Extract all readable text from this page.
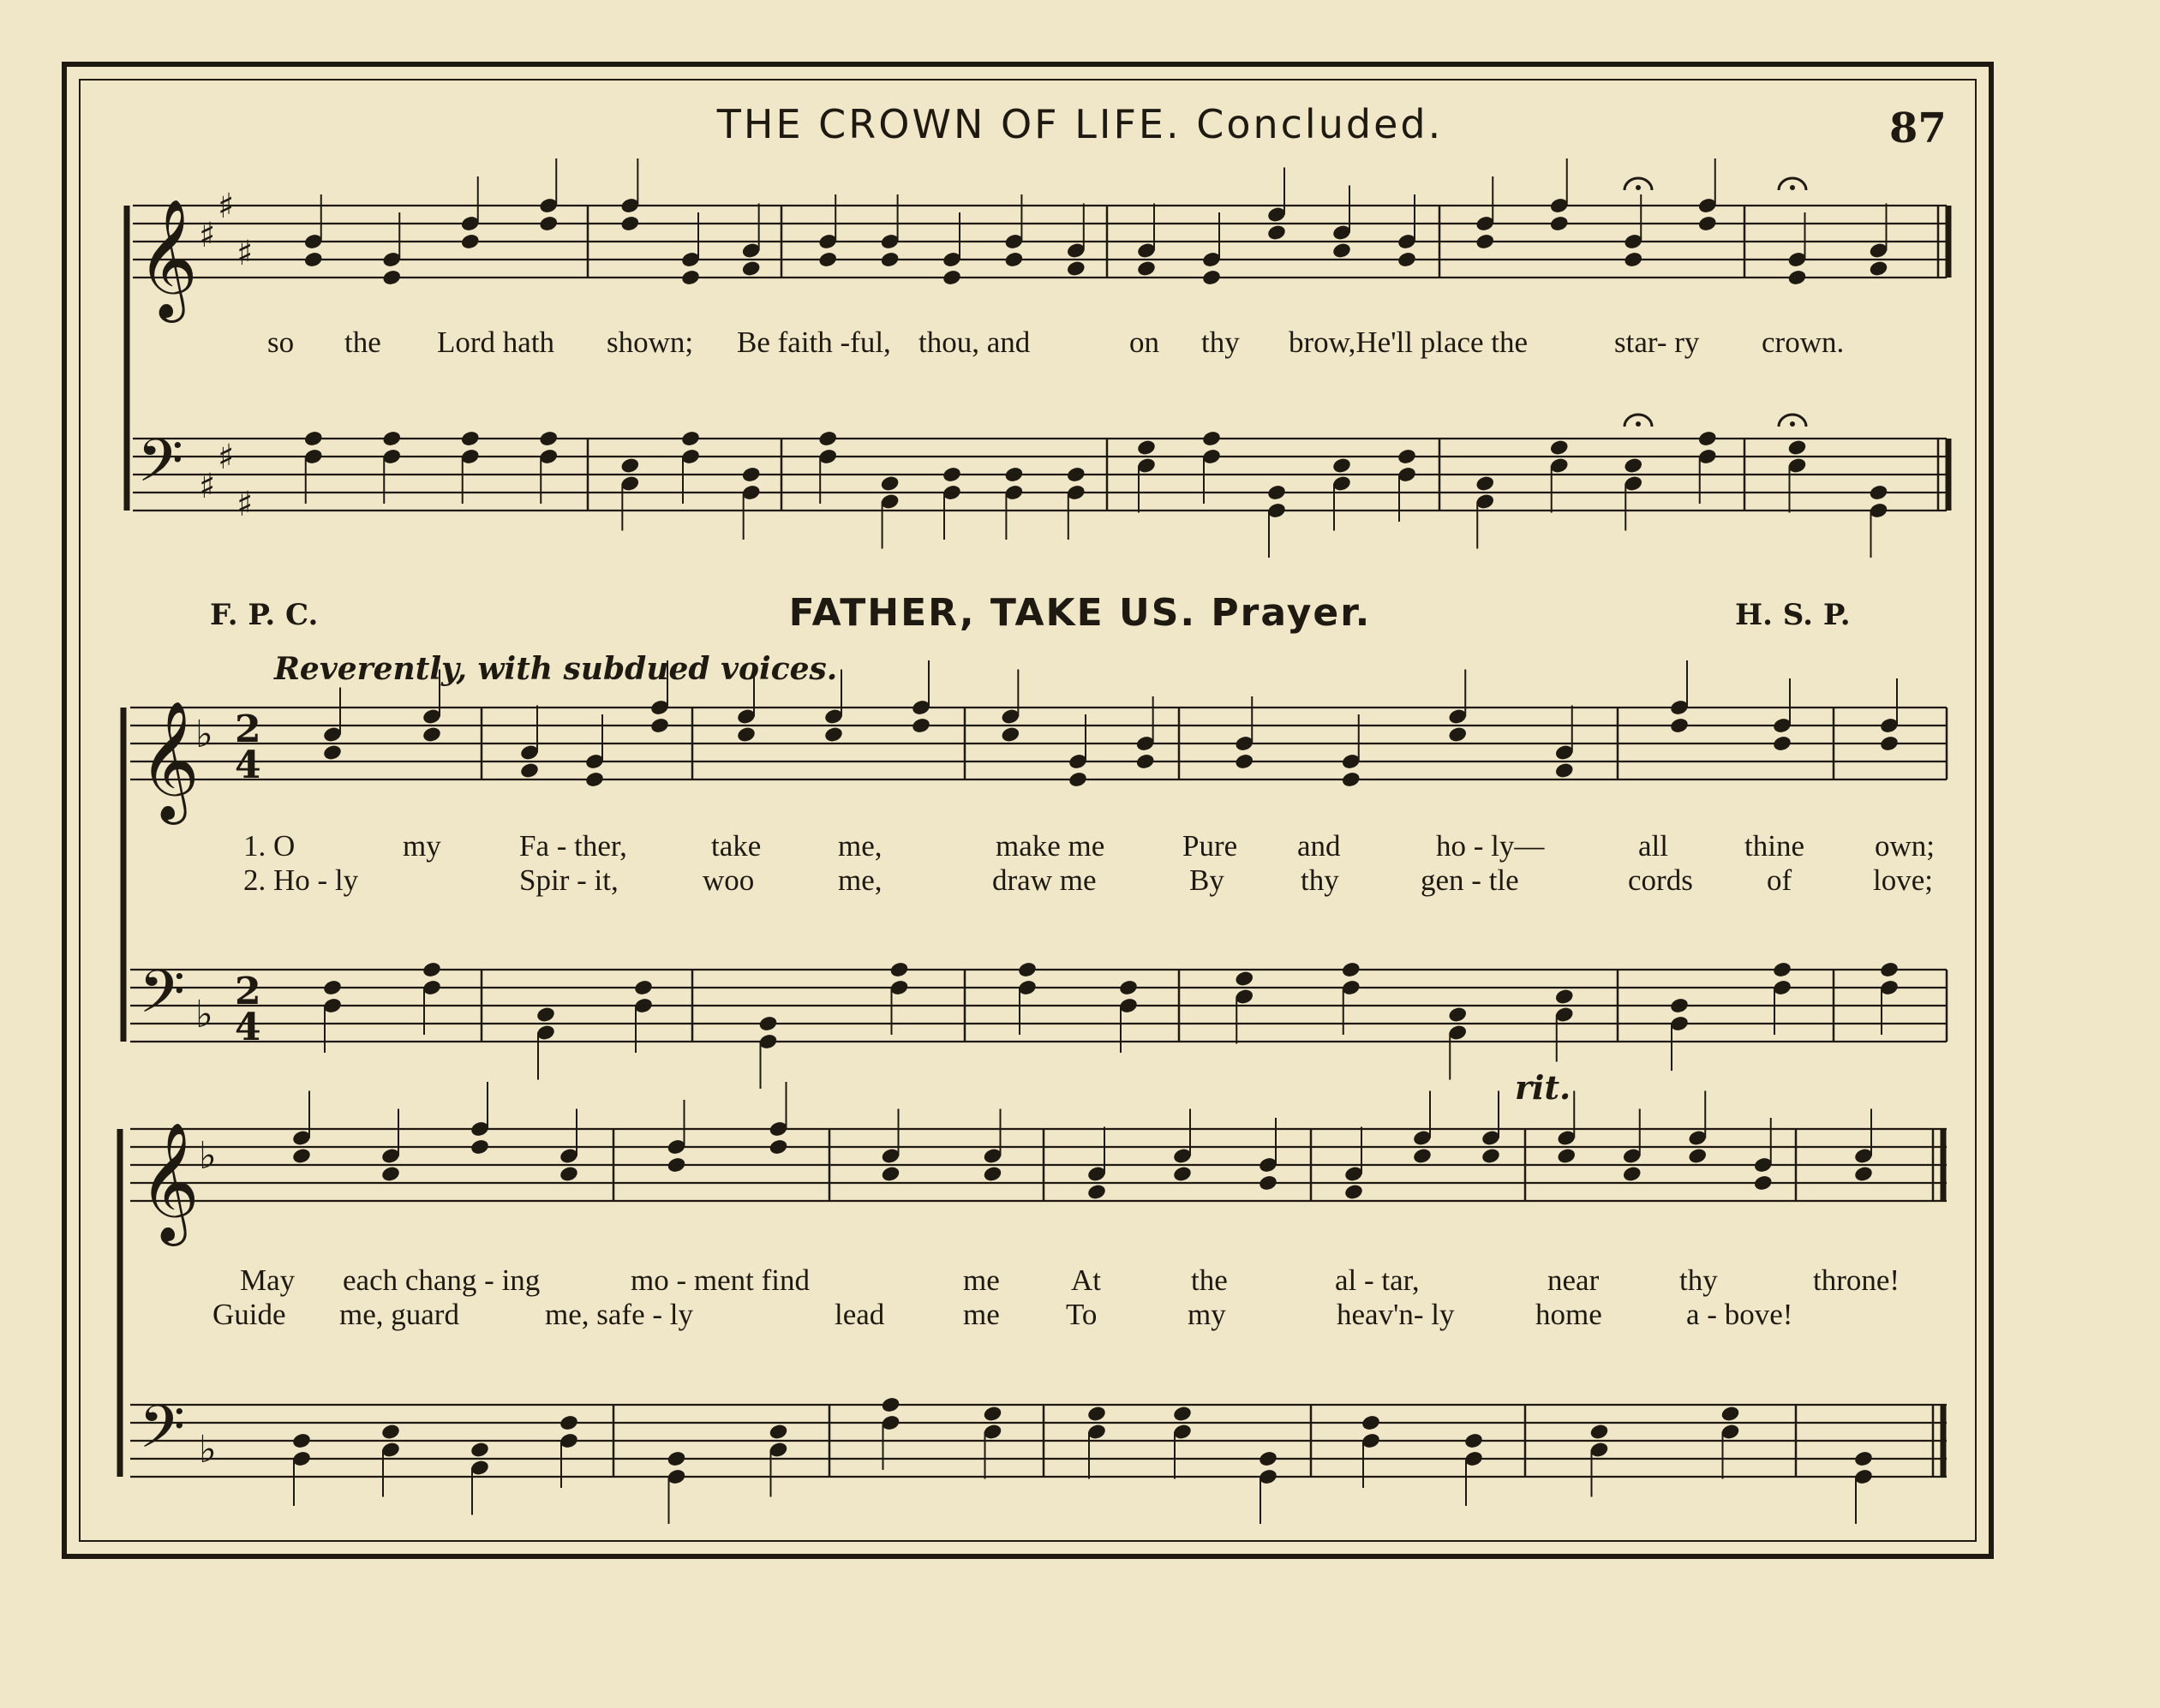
THE CROWN OF LIFE. Concluded.	87
F. P. C.	FATHER, TAKE US. Prayer.	H. S. P.
Reverently, with subdued voices.
rit.
𝄞
𝄢
♯
♯
♯
♯
♯
♯
𝄞
𝄢
♭
♭
2
4
2
4
𝄞
𝄢
♭
♭
so the Lord hath shown; Be faith -ful, thou, and	on thy brow,He'll place the	star- ry crown.
1. O	my	Fa - ther,	take	me,	make me	Pure and	ho - ly—	all	thine own;
2. Ho - ly	Spir - it,	woo	me,	draw me	By	thy	gen - tle	cords of	love;
May each chang - ing	mo - ment find	me At	the	al - tar,	near	thy	throne!
Guide me, guard	me, safe - ly	lead	me To	my	heav'n- ly	home	a - bove!
